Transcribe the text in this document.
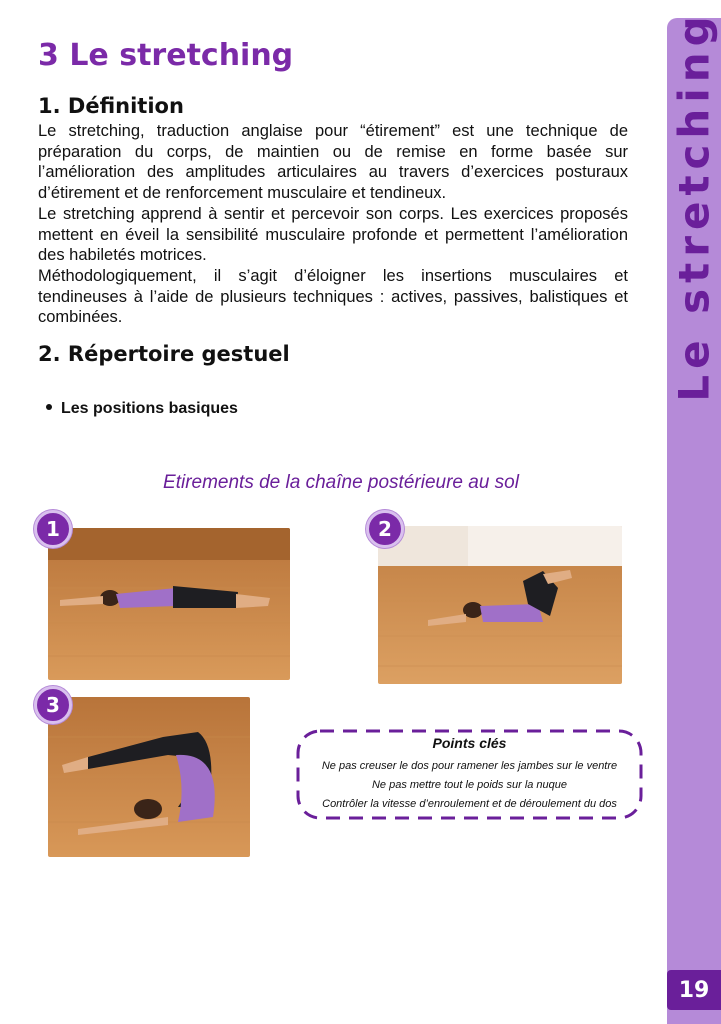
Le stretching
19
3 Le stretching
1. Définition

Le stretching, traduction anglaise pour “étirement” est une technique de préparation du corps, de maintien ou de remise en forme basée sur l’amélioration des amplitudes articulaires au travers d’exercices posturaux d’étirement et de renforcement musculaire et tendineux.

Le stretching apprend à sentir et percevoir son corps. Les exercices proposés mettent en éveil la sensibilité musculaire profonde et permettent l’amélioration des habiletés motrices.

Méthodologiquement, il s’agit d’éloigner les insertions musculaires et tendineuses à l’aide de plusieurs techniques : actives, passives, balistiques et combinées.

2. Répertoire gestuel
Les positions basiques
Etirements de la chaîne postérieure au sol
1	2
3
Points clés
Ne pas creuser le dos pour ramener les jambes sur le ventre
Ne pas mettre tout le poids sur la nuque
Contrôler la vitesse d’enroulement et de déroulement du dos
